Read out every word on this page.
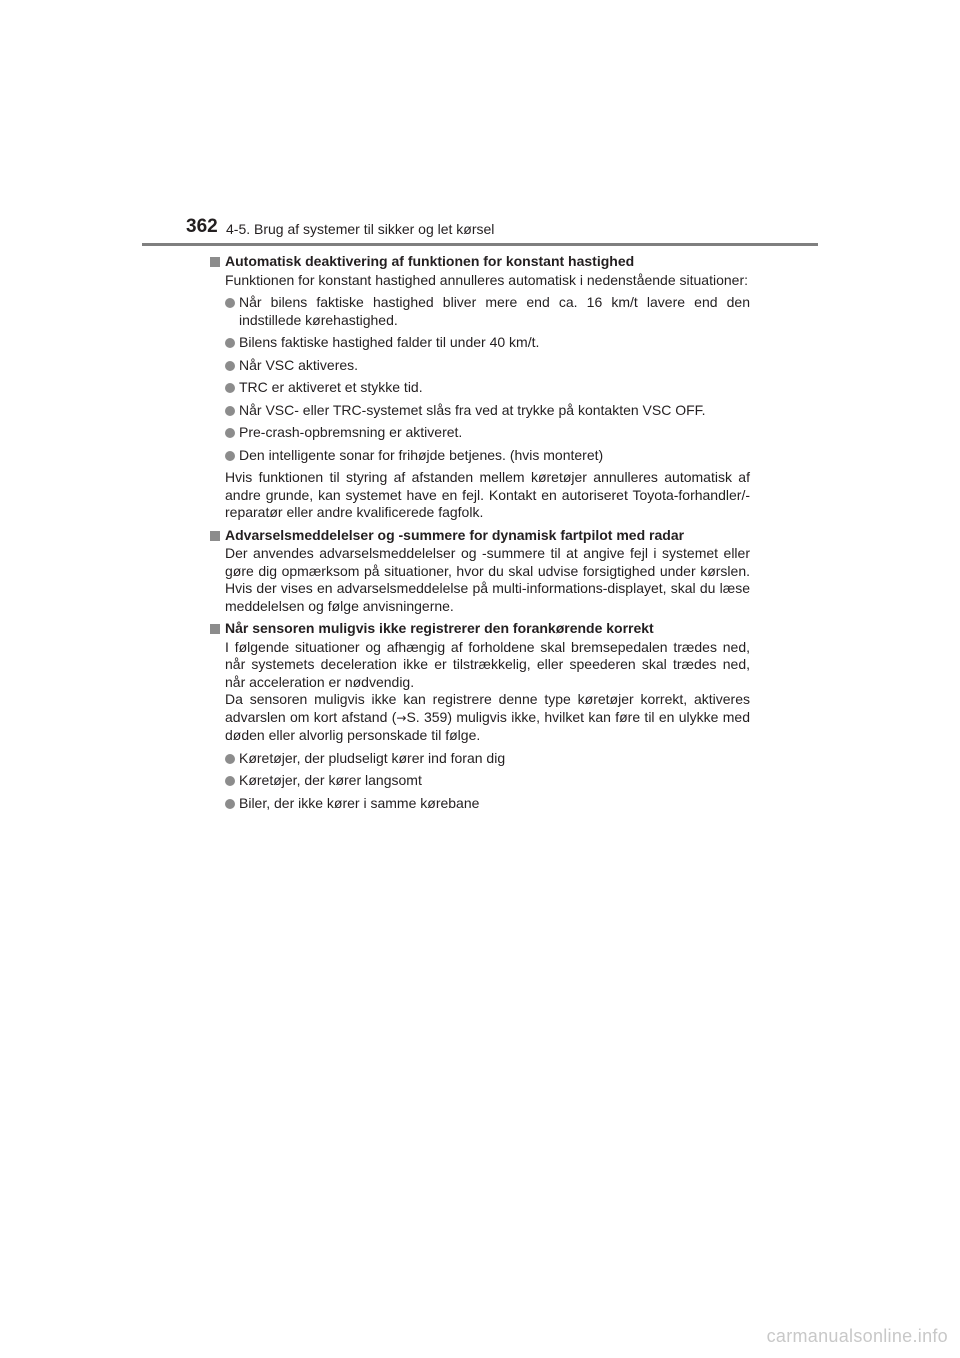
362 4-5. Brug af systemer til sikker og let kørsel
Automatisk deaktivering af funktionen for konstant hastighed

Funktionen for konstant hastighed annulleres automatisk i nedenstående situationer:

Når bilens faktiske hastighed bliver mere end ca. 16 km/t lavere end den indstillede kørehastighed.
Bilens faktiske hastighed falder til under 40 km/t.
Når VSC aktiveres.
TRC er aktiveret et stykke tid.
Når VSC- eller TRC-systemet slås fra ved at trykke på kontakten VSC OFF.
Pre-crash-opbremsning er aktiveret.
Den intelligente sonar for frihøjde betjenes. (hvis monteret)

Hvis funktionen til styring af afstanden mellem køretøjer annulleres automatisk af andre grunde, kan systemet have en fejl. Kontakt en autoriseret Toyota-forhandler/-reparatør eller andre kvalificerede fagfolk.

Advarselsmeddelelser og -summere for dynamisk fartpilot med radar

Der anvendes advarselsmeddelelser og -summere til at angive fejl i systemet eller gøre dig opmærksom på situationer, hvor du skal udvise forsigtighed under kørslen. Hvis der vises en advarselsmeddelelse på multi-informations-displayet, skal du læse meddelelsen og følge anvisningerne.

Når sensoren muligvis ikke registrerer den forankørende korrekt

I følgende situationer og afhængig af forholdene skal bremsepedalen trædes ned, når systemets deceleration ikke er tilstrækkelig, eller speederen skal trædes ned, når acceleration er nødvendig.

Da sensoren muligvis ikke kan registrere denne type køretøjer korrekt, aktiveres advarslen om kort afstand (→S. 359) muligvis ikke, hvilket kan føre til en ulykke med døden eller alvorlig personskade til følge.

Køretøjer, der pludseligt kører ind foran dig
Køretøjer, der kører langsomt
Biler, der ikke kører i samme kørebane
carmanualsonline.info
